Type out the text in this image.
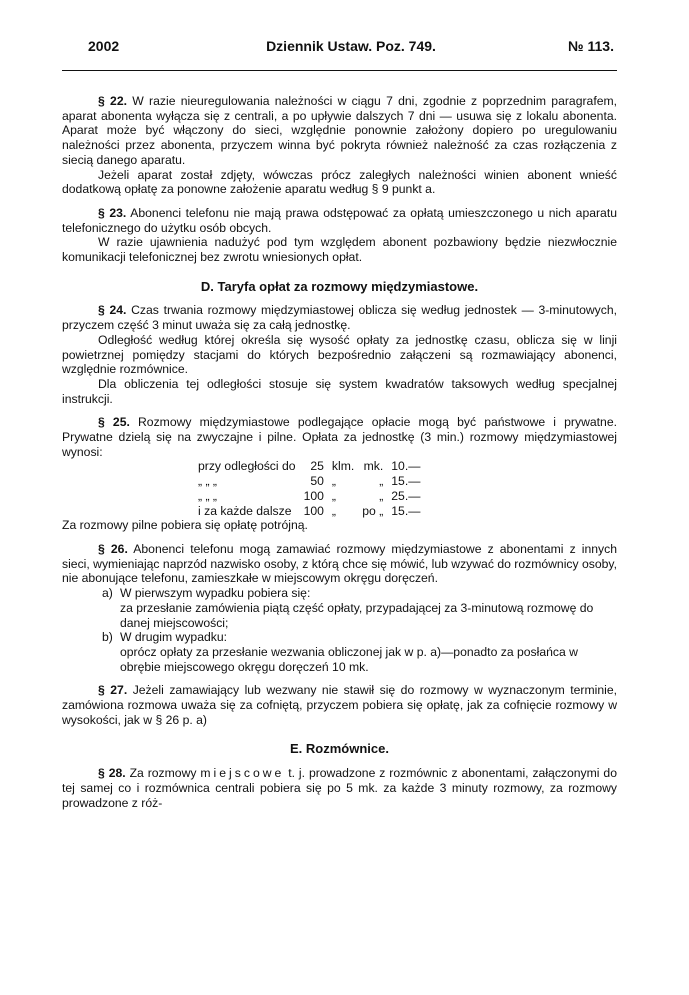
2002	Dziennik Ustaw. Poz. 749.	№ 113.

§ 22. W razie nieuregulowania należności w ciągu 7 dni, zgodnie z poprzednim paragrafem, aparat abonenta wyłącza się z centrali, a po upływie dalszych 7 dni — usuwa się z lokalu abonenta. Aparat może być włączony do sieci, względnie ponownie założony dopiero po uregulowaniu należności przez abonenta, przyczem winna być pokryta również należność za czas rozłączenia z siecią danego aparatu.

Jeżeli aparat został zdjęty, wówczas prócz zaległych należności winien abonent wnieść dodatkową opłatę za ponowne założenie aparatu według § 9 punkt a.

§ 23. Abonenci telefonu nie mają prawa odstępować za opłatą umieszczonego u nich aparatu telefonicznego do użytku osób obcych.

W razie ujawnienia nadużyć pod tym względem abonent pozbawiony będzie niezwłocznie komunikacji telefonicznej bez zwrotu wniesionych opłat.

D. Taryfa opłat za rozmowy międzymiastowe.

§ 24. Czas trwania rozmowy międzymiastowej oblicza się według jednostek — 3-minutowych, przyczem część 3 minut uważa się za całą jednostkę.

Odległość według której określa się wysość opłaty za jednostkę czasu, oblicza się w linji powietrznej pomiędzy stacjami do których bezpośrednio załączeni są rozmawiający abonenci, względnie rozmównice.

Dla obliczenia tej odległości stosuje się system kwadratów taksowych według specjalnej instrukcji.

§ 25. Rozmowy międzymiastowe podlegające opłacie mogą być państwowe i prywatne. Prywatne dzielą się na zwyczajne i pilne. Opłata za jednostkę (3 min.) rozmowy międzymiastowej wynosi:

przy odległości do	25	klm.	mk.	10.—
„ „ „	50	„	„	15.—
„ „ „	100	„	„	25.—
i za każde dalsze	100	„	po „	15.—

Za rozmowy pilne pobiera się opłatę potrójną.

§ 26. Abonenci telefonu mogą zamawiać rozmowy międzymiastowe z abonentami z innych sieci, wymieniając naprzód nazwisko osoby, z którą chce się mówić, lub wzywać do rozmównicy osoby, nie abonujące telefonu, zamieszkałe w miejscowym okręgu doręczeń.

a) W pierwszym wypadku pobiera się:
za przesłanie zamówienia piątą część opłaty, przypadającej za 3-minutową rozmowę do danej miejscowości;
b) W drugim wypadku:
oprócz opłaty za przesłanie wezwania obliczonej jak w p. a)—ponadto za posłańca w obrębie miejscowego okręgu doręczeń 10 mk.

§ 27. Jeżeli zamawiający lub wezwany nie stawił się do rozmowy w wyznaczonym terminie, zamówiona rozmowa uważa się za cofniętą, przyczem pobiera się opłatę, jak za cofnięcie rozmowy w wysokości, jak w § 26 p. a)

E. Rozmównice.

§ 28. Za rozmowy miejscowe t. j. prowadzone z rozmównic z abonentami, załączonymi do tej samej co i rozmównica centrali pobiera się po 5 mk. za każde 3 minuty rozmowy, za rozmowy prowadzone z róż-
